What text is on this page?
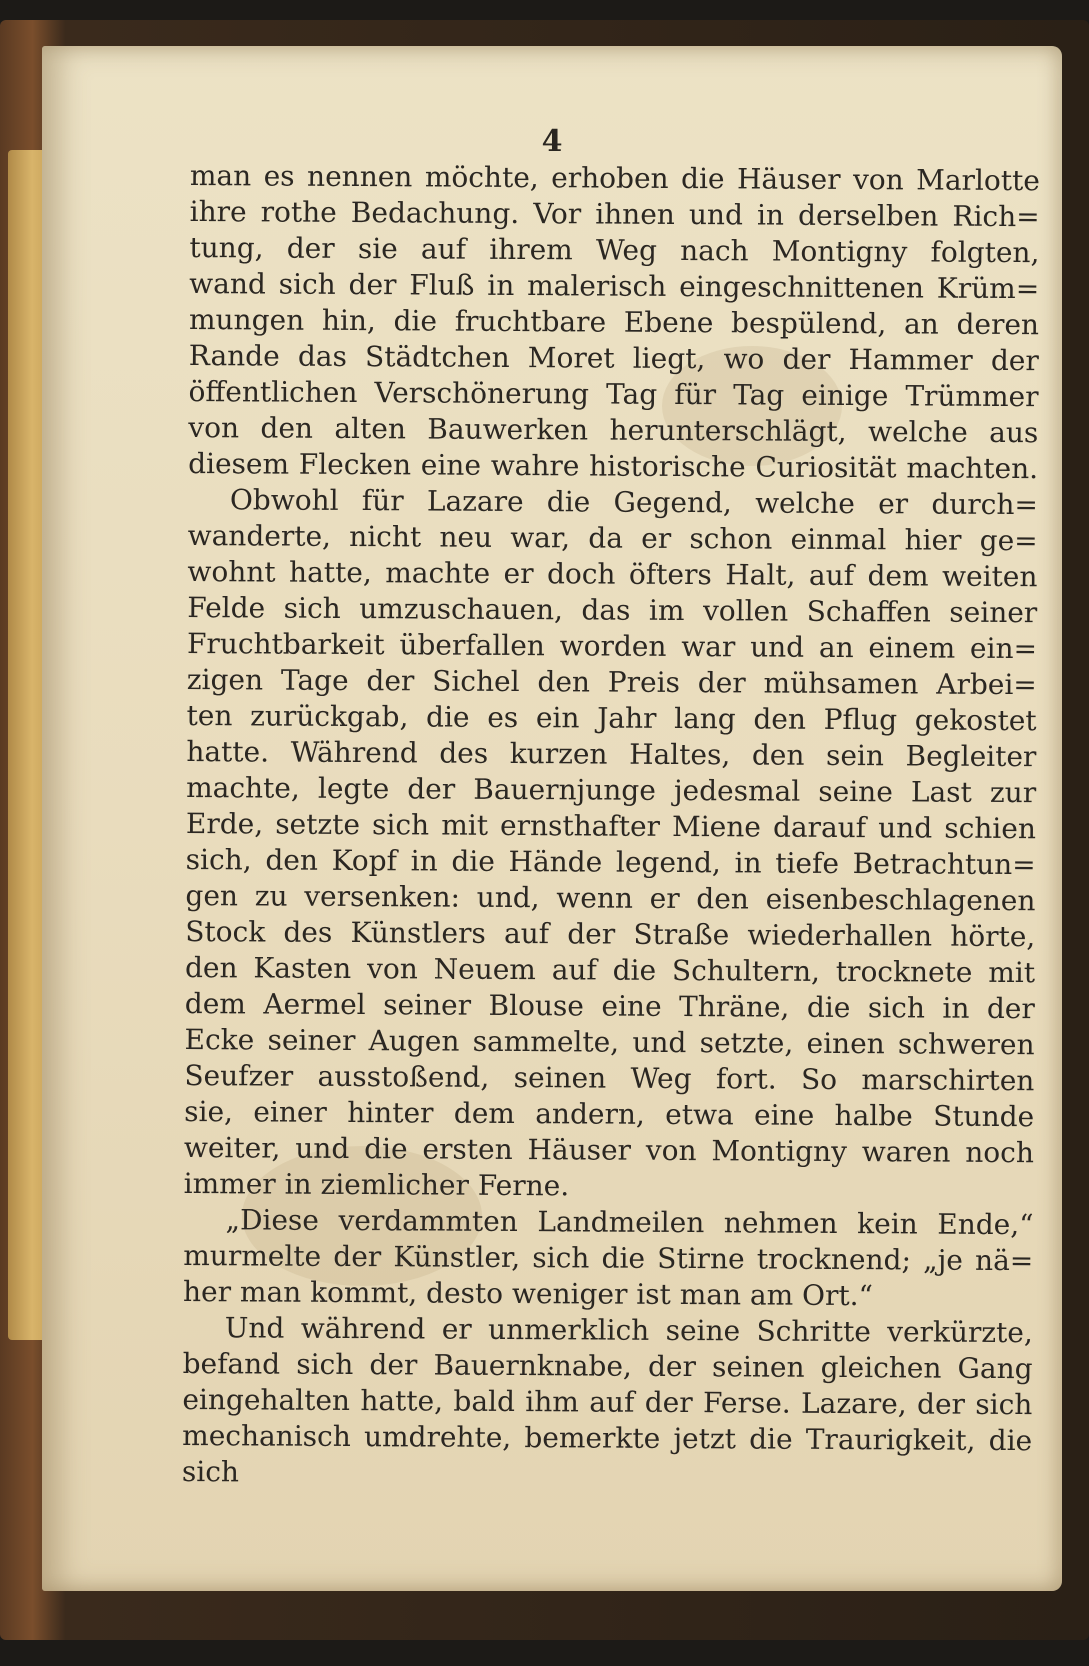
4

man es nennen möchte, erhoben die Häuser von Marlotte

ihre rothe Bedachung. Vor ihnen und in derselben Rich=

tung, der sie auf ihrem Weg nach Montigny folgten,

wand sich der Fluß in malerisch eingeschnittenen Krüm=

mungen hin, die fruchtbare Ebene bespülend, an deren

Rande das Städtchen Moret liegt, wo der Hammer der

öffentlichen Verschönerung Tag für Tag einige Trümmer

von den alten Bauwerken herunterschlägt, welche aus

diesem Flecken eine wahre historische Curiosität machten.

Obwohl für Lazare die Gegend, welche er durch=

wanderte, nicht neu war, da er schon einmal hier ge=

wohnt hatte, machte er doch öfters Halt, auf dem weiten

Felde sich umzuschauen, das im vollen Schaffen seiner

Fruchtbarkeit überfallen worden war und an einem ein=

zigen Tage der Sichel den Preis der mühsamen Arbei=

ten zurückgab, die es ein Jahr lang den Pflug gekostet

hatte. Während des kurzen Haltes, den sein Begleiter

machte, legte der Bauernjunge jedesmal seine Last zur

Erde, setzte sich mit ernsthafter Miene darauf und schien

sich, den Kopf in die Hände legend, in tiefe Betrachtun=

gen zu versenken: und, wenn er den eisenbeschlagenen

Stock des Künstlers auf der Straße wiederhallen hörte,

den Kasten von Neuem auf die Schultern, trocknete mit

dem Aermel seiner Blouse eine Thräne, die sich in der

Ecke seiner Augen sammelte, und setzte, einen schweren

Seufzer ausstoßend, seinen Weg fort. So marschirten

sie, einer hinter dem andern, etwa eine halbe Stunde

weiter, und die ersten Häuser von Montigny waren noch

immer in ziemlicher Ferne.

„Diese verdammten Landmeilen nehmen kein Ende,“

murmelte der Künstler, sich die Stirne trocknend; „je nä=

her man kommt, desto weniger ist man am Ort.“

Und während er unmerklich seine Schritte verkürzte,

befand sich der Bauernknabe, der seinen gleichen Gang

eingehalten hatte, bald ihm auf der Ferse. Lazare, der sich

mechanisch umdrehte, bemerkte jetzt die Traurigkeit, die sich
